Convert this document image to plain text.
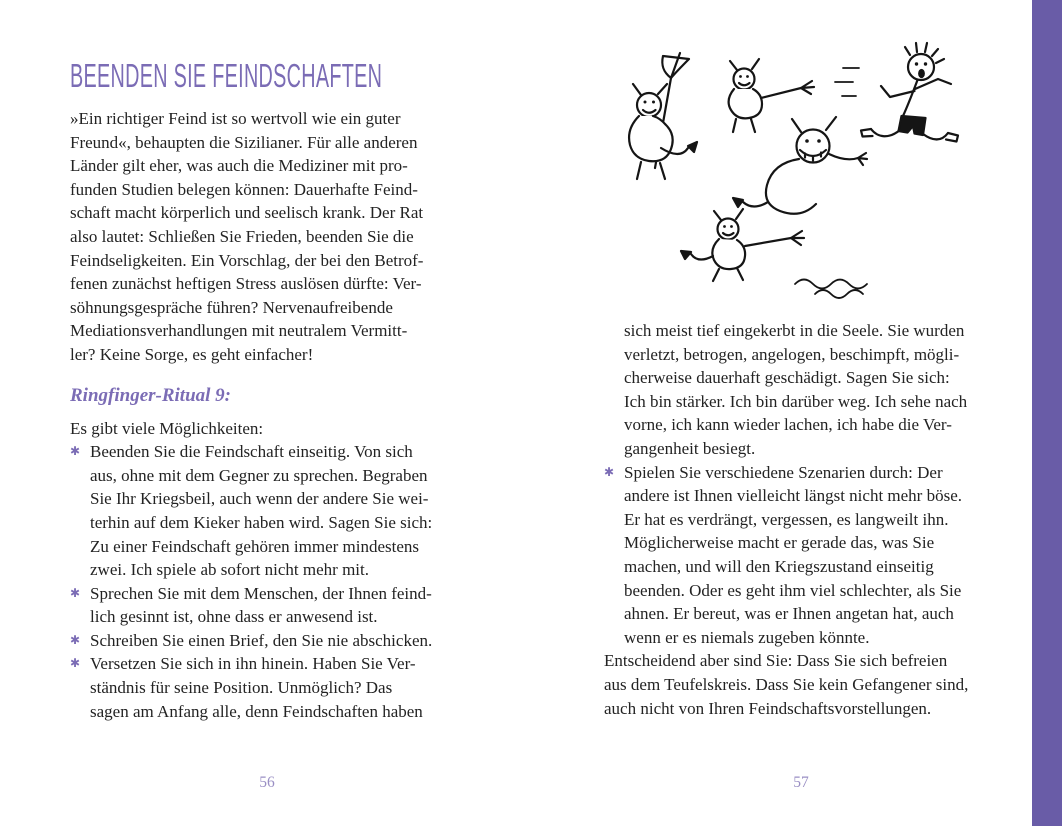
BEENDEN SIE FEINDSCHAFTEN

»Ein richtiger Feind ist so wertvoll wie ein guter
Freund«, behaupten die Sizilianer. Für alle anderen
Länder gilt eher, was auch die Mediziner mit pro-
funden Studien belegen können: Dauerhafte Feind-
schaft macht körperlich und seelisch krank. Der Rat
also lautet: Schließen Sie Frieden, beenden Sie die
Feindseligkeiten. Ein Vorschlag, der bei den Betrof-
fenen zunächst heftigen Stress auslösen dürfte: Ver-
söhnungsgespräche führen? Nervenaufreibende
Mediationsverhandlungen mit neutralem Vermitt-
ler? Keine Sorge, es geht einfacher!

Ringfinger-Ritual 9:

Es gibt viele Möglichkeiten:

✱ Beenden Sie die Feindschaft einseitig. Von sich
aus, ohne mit dem Gegner zu sprechen. Begraben
Sie Ihr Kriegsbeil, auch wenn der andere Sie wei-
terhin auf dem Kieker haben wird. Sagen Sie sich:
Zu einer Feindschaft gehören immer mindestens
zwei. Ich spiele ab sofort nicht mehr mit.
✱ Sprechen Sie mit dem Menschen, der Ihnen feind-
lich gesinnt ist, ohne dass er anwesend ist.
✱ Schreiben Sie einen Brief, den Sie nie abschicken.
✱ Versetzen Sie sich in ihn hinein. Haben Sie Ver-
ständnis für seine Position. Unmöglich? Das
sagen am Anfang alle, denn Feindschaften haben

sich meist tief eingekerbt in die Seele. Sie wurden
verletzt, betrogen, angelogen, beschimpft, mögli-
cherweise dauerhaft geschädigt. Sagen Sie sich:
Ich bin stärker. Ich bin darüber weg. Ich sehe nach
vorne, ich kann wieder lachen, ich habe die Ver-
gangenheit besiegt.

✱ Spielen Sie verschiedene Szenarien durch: Der
andere ist Ihnen vielleicht längst nicht mehr böse.
Er hat es verdrängt, vergessen, es langweilt ihn.
Möglicherweise macht er gerade das, was Sie
machen, und will den Kriegszustand einseitig
beenden. Oder es geht ihm viel schlechter, als Sie
ahnen. Er bereut, was er Ihnen angetan hat, auch
wenn er es niemals zugeben könnte.

Entscheidend aber sind Sie: Dass Sie sich befreien
aus dem Teufelskreis. Dass Sie kein Gefangener sind,
auch nicht von Ihren Feindschaftsvorstellungen.

56	57
